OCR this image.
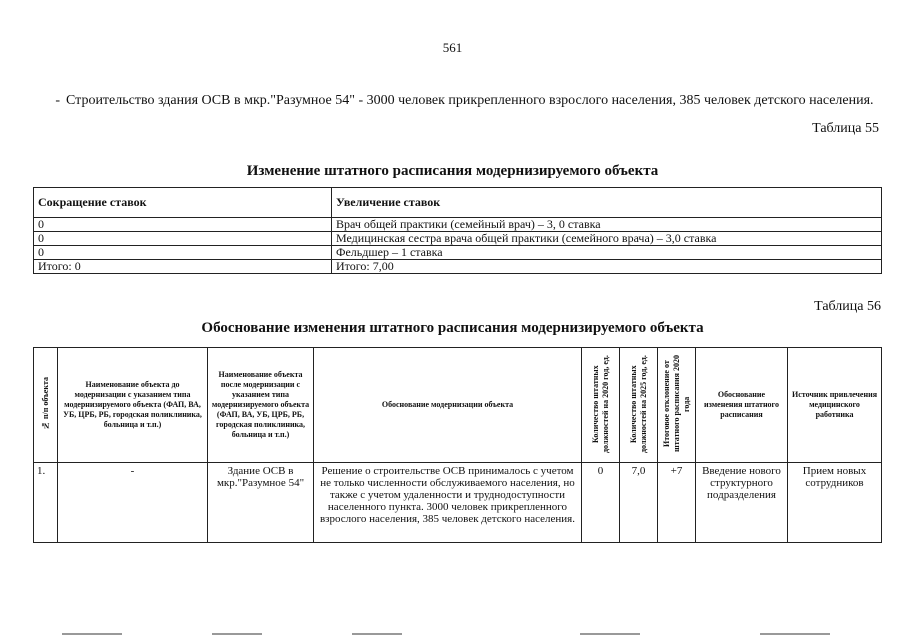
561

- Строительство здания ОСВ в мкр."Разумное 54" - 3000 человек прикрепленного взрослого населения, 385 человек детского населения.

Таблица 55
Изменение штатного расписания модернизируемого объекта
Сокращение ставок	Увеличение ставок
0	Врач общей практики (семейный врач) – 3, 0 ставка
0	Медицинская сестра врача общей практики (семейного врача) – 3,0 ставка
0	Фельдшер – 1 ставка
Итого: 0	Итого: 7,00
Таблица 56
Обоснование изменения штатного расписания модернизируемого объекта
№ п/п объекта	Наименование объекта до модернизации с указанием типа модернизируемого объекта (ФАП, ВА, УБ, ЦРБ, РБ, городская поликлиника, больница и т.п.)	Наименование объекта после модернизации с указанием типа модернизируемого объекта (ФАП, ВА, УБ, ЦРБ, РБ, городская поликлиника, больница и т.п.)	Обоснование модернизации объекта	Количество штатных должностей на 2020 год, ед.	Количество штатных должностей на 2025 год, ед.	Итоговое отклонение от штатного расписания 2020 года	Обоснование изменения штатного расписания	Источник привлечения медицинского работника
1.	-	Здание ОСВ в мкр."Разумное 54"	Решение о строительстве ОСВ принималось с учетом не только численности обслуживаемого населения, но также с учетом удаленности и труднодоступности населенного пункта. 3000 человек прикрепленного взрослого населения, 385 человек детского населения.	0	7,0	+7	Введение нового структурного подразделения	Прием новых сотрудников
